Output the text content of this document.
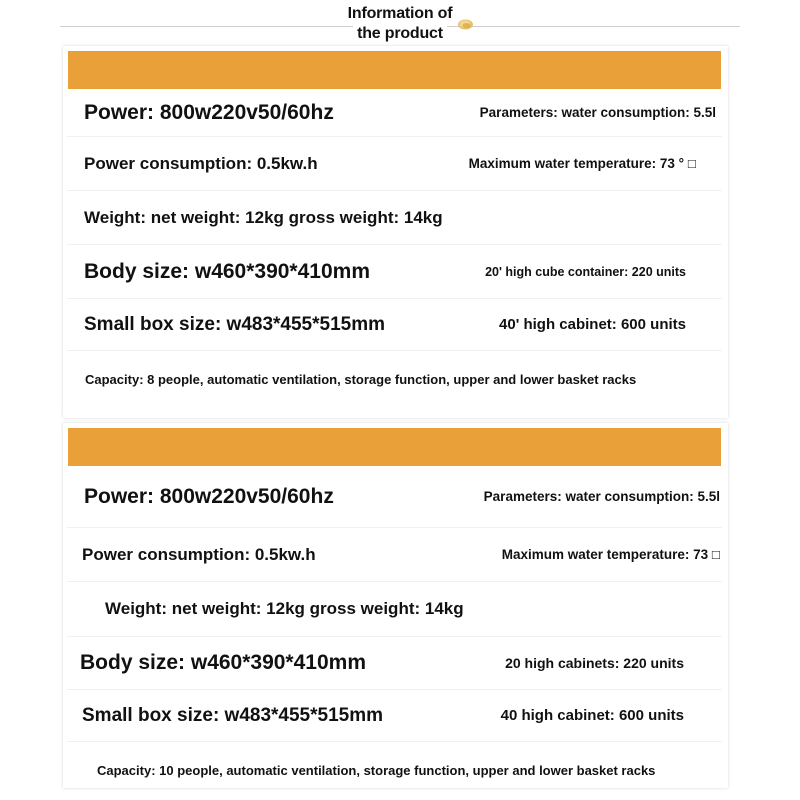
Information of
the product
Power: 800w220v50/60hz	Parameters: water consumption: 5.5l
Power consumption: 0.5kw.h	Maximum water temperature: 73 ° □
Weight: net weight: 12kg gross weight: 14kg
Body size: w460*390*410mm	20' high cube container: 220 units
Small box size: w483*455*515mm	40' high cabinet: 600 units
Capacity: 8 people, automatic ventilation, storage function, upper and lower basket racks
Power: 800w220v50/60hz	Parameters: water consumption: 5.5l
Power consumption: 0.5kw.h	Maximum water temperature: 73 □
Weight: net weight: 12kg gross weight: 14kg
Body size: w460*390*410mm	20 high cabinets: 220 units
Small box size: w483*455*515mm	40 high cabinet: 600 units
Capacity: 10 people, automatic ventilation, storage function, upper and lower basket racks
